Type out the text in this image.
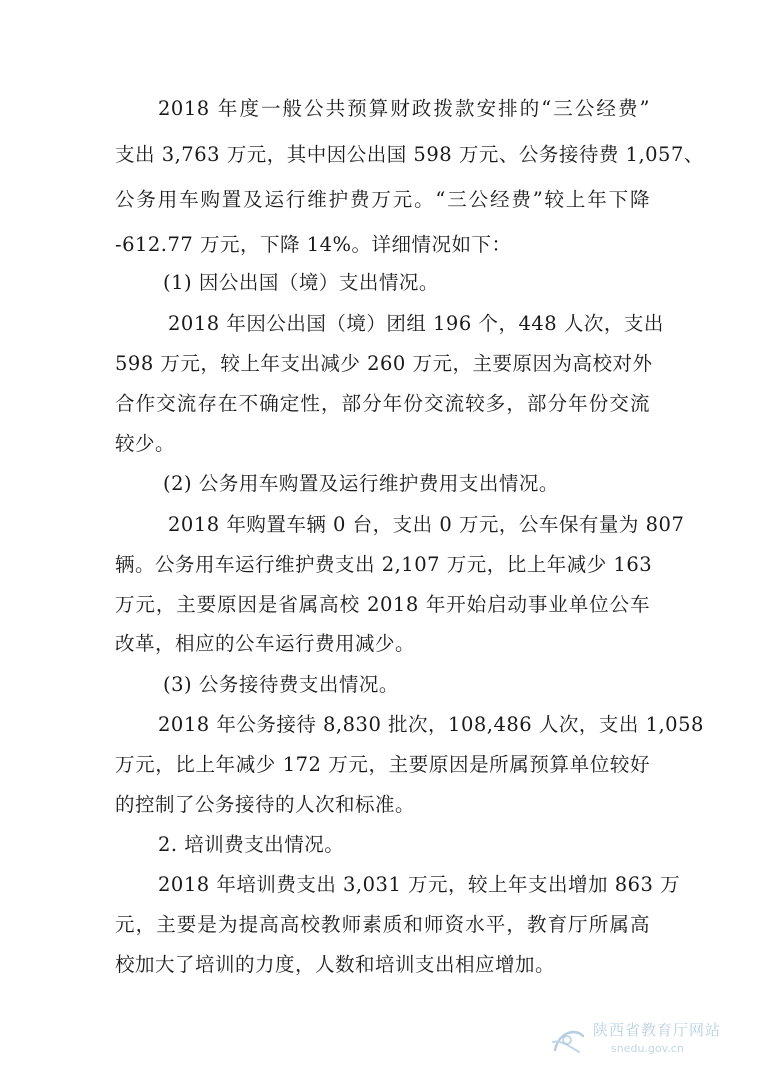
2018 年度一般公共预算财政拨款安排的“三公经费”
支出 3,763 万元，其中因公出国 598 万元、公务接待费 1,057、
公务用车购置及运行维护费万元。“三公经费”较上年下降
-612.77 万元，下降 14%。详细情况如下：
(1) 因公出国（境）支出情况。
2018 年因公出国（境）团组 196 个，448 人次，支出
598 万元，较上年支出减少 260 万元，主要原因为高校对外
合作交流存在不确定性，部分年份交流较多，部分年份交流
较少。
(2) 公务用车购置及运行维护费用支出情况。
2018 年购置车辆 0 台，支出 0 万元，公车保有量为 807
辆。公务用车运行维护费支出 2,107 万元，比上年减少 163
万元，主要原因是省属高校 2018 年开始启动事业单位公车
改革，相应的公车运行费用减少。
(3) 公务接待费支出情况。
2018 年公务接待 8,830 批次，108,486 人次，支出 1,058
万元，比上年减少 172 万元，主要原因是所属预算单位较好
的控制了公务接待的人次和标准。
2. 培训费支出情况。
2018 年培训费支出 3,031 万元，较上年支出增加 863 万
元，主要是为提高高校教师素质和师资水平，教育厅所属高
校加大了培训的力度，人数和培训支出相应增加。
陕西省教育厅网站
snedu.gov.cn
